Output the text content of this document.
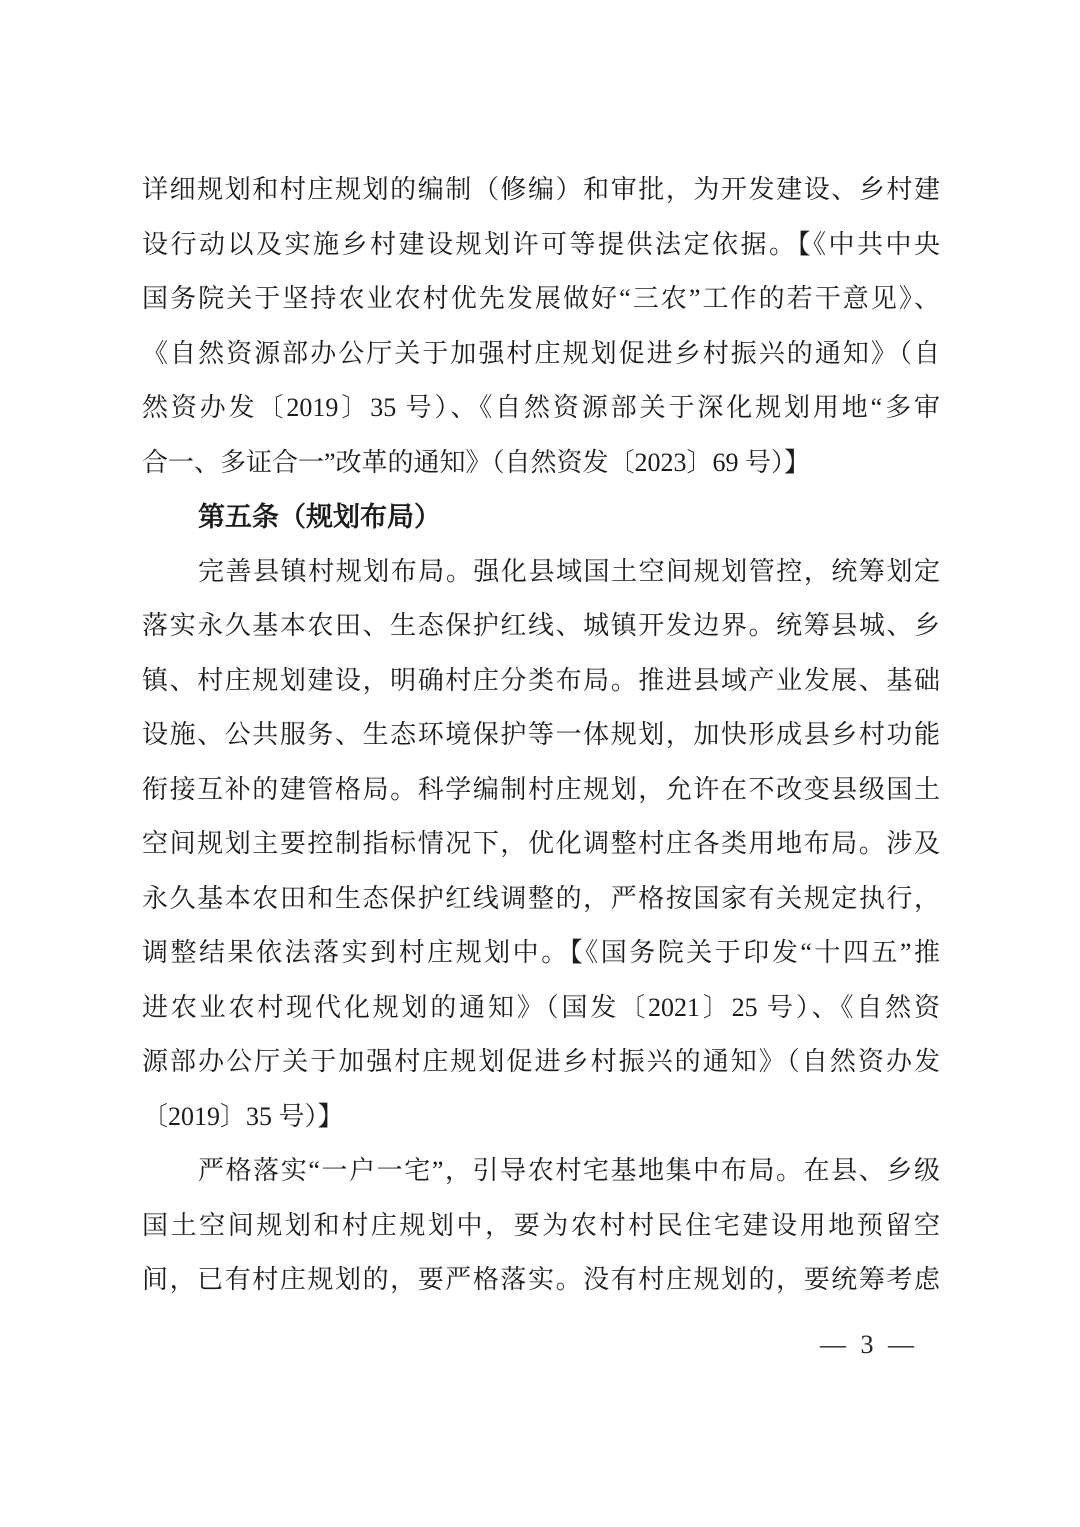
详细规划和村庄规划的编制（修编）和审批，为开发建设、乡村建
设行动以及实施乡村建设规划许可等提供法定依据。【《中共中央
国务院关于坚持农业农村优先发展做好“三农”工作的若干意见》、
《自然资源部办公厅关于加强村庄规划促进乡村振兴的通知》（自
然资办发〔2019〕35 号）、《自然资源部关于深化规划用地“多审
合一、多证合一”改革的通知》（自然资发〔2023〕69 号）】
第五条（规划布局）
完善县镇村规划布局。强化县域国土空间规划管控，统筹划定
落实永久基本农田、生态保护红线、城镇开发边界。统筹县城、乡
镇、村庄规划建设，明确村庄分类布局。推进县域产业发展、基础
设施、公共服务、生态环境保护等一体规划，加快形成县乡村功能
衔接互补的建管格局。科学编制村庄规划，允许在不改变县级国土
空间规划主要控制指标情况下，优化调整村庄各类用地布局。涉及
永久基本农田和生态保护红线调整的，严格按国家有关规定执行，
调整结果依法落实到村庄规划中。【《国务院关于印发“十四五”推
进农业农村现代化规划的通知》（国发〔2021〕25 号）、《自然资
源部办公厅关于加强村庄规划促进乡村振兴的通知》（自然资办发
〔2019〕35 号）】
严格落实“一户一宅”，引导农村宅基地集中布局。在县、乡级
国土空间规划和村庄规划中，要为农村村民住宅建设用地预留空
间，已有村庄规划的，要严格落实。没有村庄规划的，要统筹考虑
— 3 —
